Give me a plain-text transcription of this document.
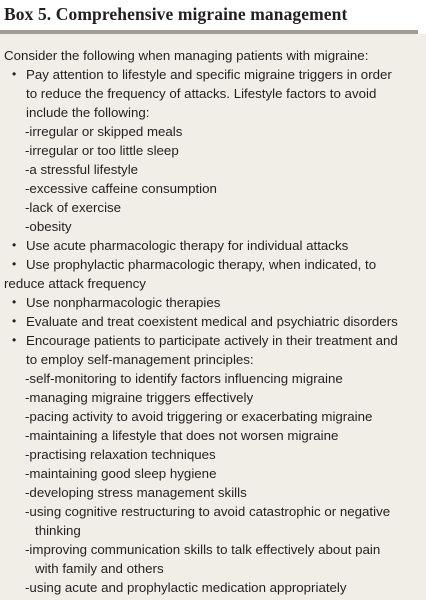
Box 5. Comprehensive migraine management
Consider the following when managing patients with migraine:
• Pay attention to lifestyle and specific migraine triggers in order
to reduce the frequency of attacks. Lifestyle factors to avoid
include the following:
-irregular or skipped meals
-irregular or too little sleep
-a stressful lifestyle
-excessive caffeine consumption
-lack of exercise
-obesity
• Use acute pharmacologic therapy for individual attacks
• Use prophylactic pharmacologic therapy, when indicated, to
reduce attack frequency
• Use nonpharmacologic therapies
• Evaluate and treat coexistent medical and psychiatric disorders
• Encourage patients to participate actively in their treatment and
to employ self-management principles:
-self-monitoring to identify factors influencing migraine
-managing migraine triggers effectively
-pacing activity to avoid triggering or exacerbating migraine
-maintaining a lifestyle that does not worsen migraine
-practising relaxation techniques
-maintaining good sleep hygiene
-developing stress management skills
-using cognitive restructuring to avoid catastrophic or negative
thinking
-improving communication skills to talk effectively about pain
with family and others
-using acute and prophylactic medication appropriately
